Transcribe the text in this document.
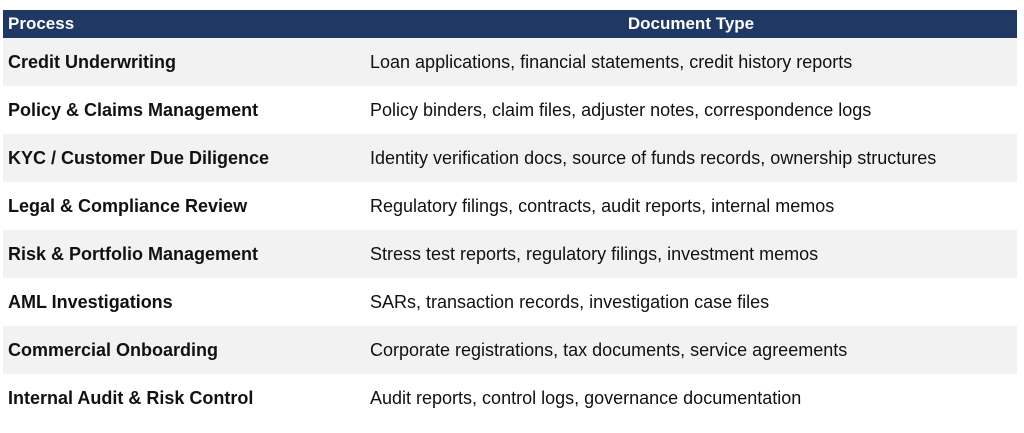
Process	Document Type
Credit Underwriting	Loan applications, financial statements, credit history reports
Policy & Claims Management	Policy binders, claim files, adjuster notes, correspondence logs
KYC / Customer Due Diligence	Identity verification docs, source of funds records, ownership structures
Legal & Compliance Review	Regulatory filings, contracts, audit reports, internal memos
Risk & Portfolio Management	Stress test reports, regulatory filings, investment memos
AML Investigations	SARs, transaction records, investigation case files
Commercial Onboarding	Corporate registrations, tax documents, service agreements
Internal Audit & Risk Control	Audit reports, control logs, governance documentation
